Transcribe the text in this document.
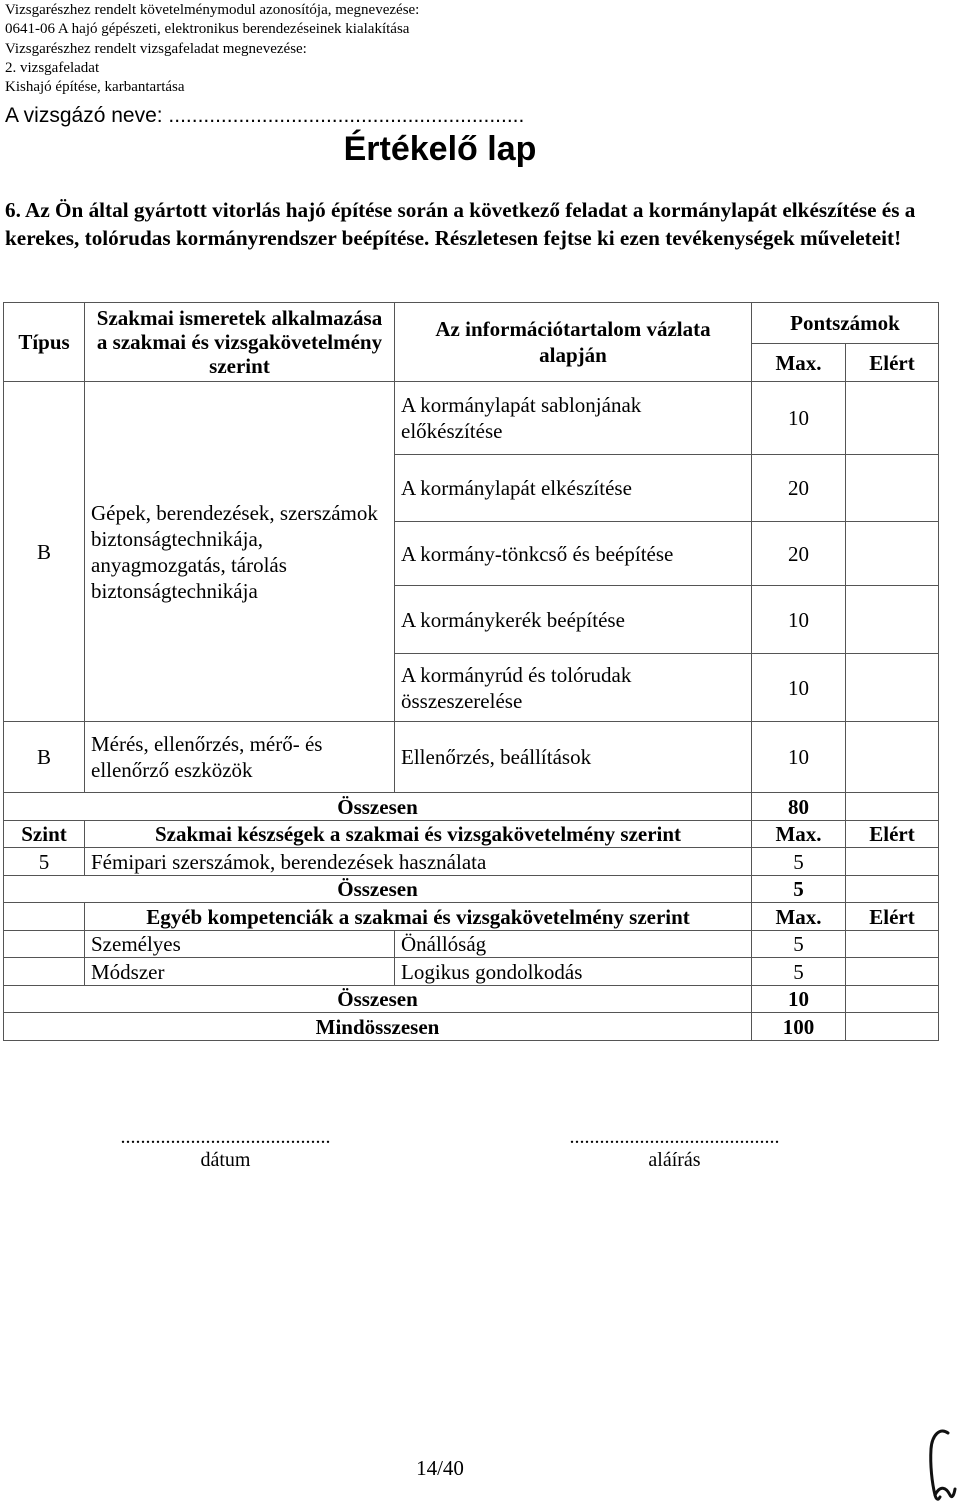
Vizsgarészhez rendelt követelménymodul azonosítója, megnevezése:
0641-06 A hajó gépészeti, elektronikus berendezéseinek kialakítása
Vizsgarészhez rendelt vizsgafeladat megnevezése:
2. vizsgafeladat
Kishajó építése, karbantartása
A vizsgázó neve: .............................................................
Értékelő lap
6. Az Ön által gyártott vitorlás hajó építése során a következő feladat a kormánylapát elkészítése és a kerekes, tolórudas kormányrendszer beépítése. Részletesen fejtse ki ezen tevékenységek műveleteit!
Típus	Szakmai ismeretek alkalmazása a szakmai és vizsgakövetelmény szerint	Az információtartalom vázlata alapján	Pontszámok	
			Max.	Elért
B	Gépek, berendezések, szerszámok biztonságtechnikája, anyagmozgatás, tárolás biztonságtechnikája	A kormánylapát sablonjának előkészítése	10	
		A kormánylapát elkészítése	20	
		A kormány-tönkcső és beépítése	20	
		A kormánykerék beépítése	10	
		A kormányrúd és tolórudak összeszerelése	10	
B	Mérés, ellenőrzés, mérő- és ellenőrző eszközök	Ellenőrzés, beállítások	10	
Összesen			80	
Szint	Szakmai készségek a szakmai és vizsgakövetelmény szerint		Max.	Elért
5	Fémipari szerszámok, berendezések használata		5	
Összesen			5	
	Egyéb kompetenciák a szakmai és vizsgakövetelmény szerint		Max.	Elért
	Személyes	Önállóság	5	
	Módszer	Logikus gondolkodás	5	
Összesen			10	
Mindösszesen			100	
..........................................
dátum
..........................................
aláírás
14/40
